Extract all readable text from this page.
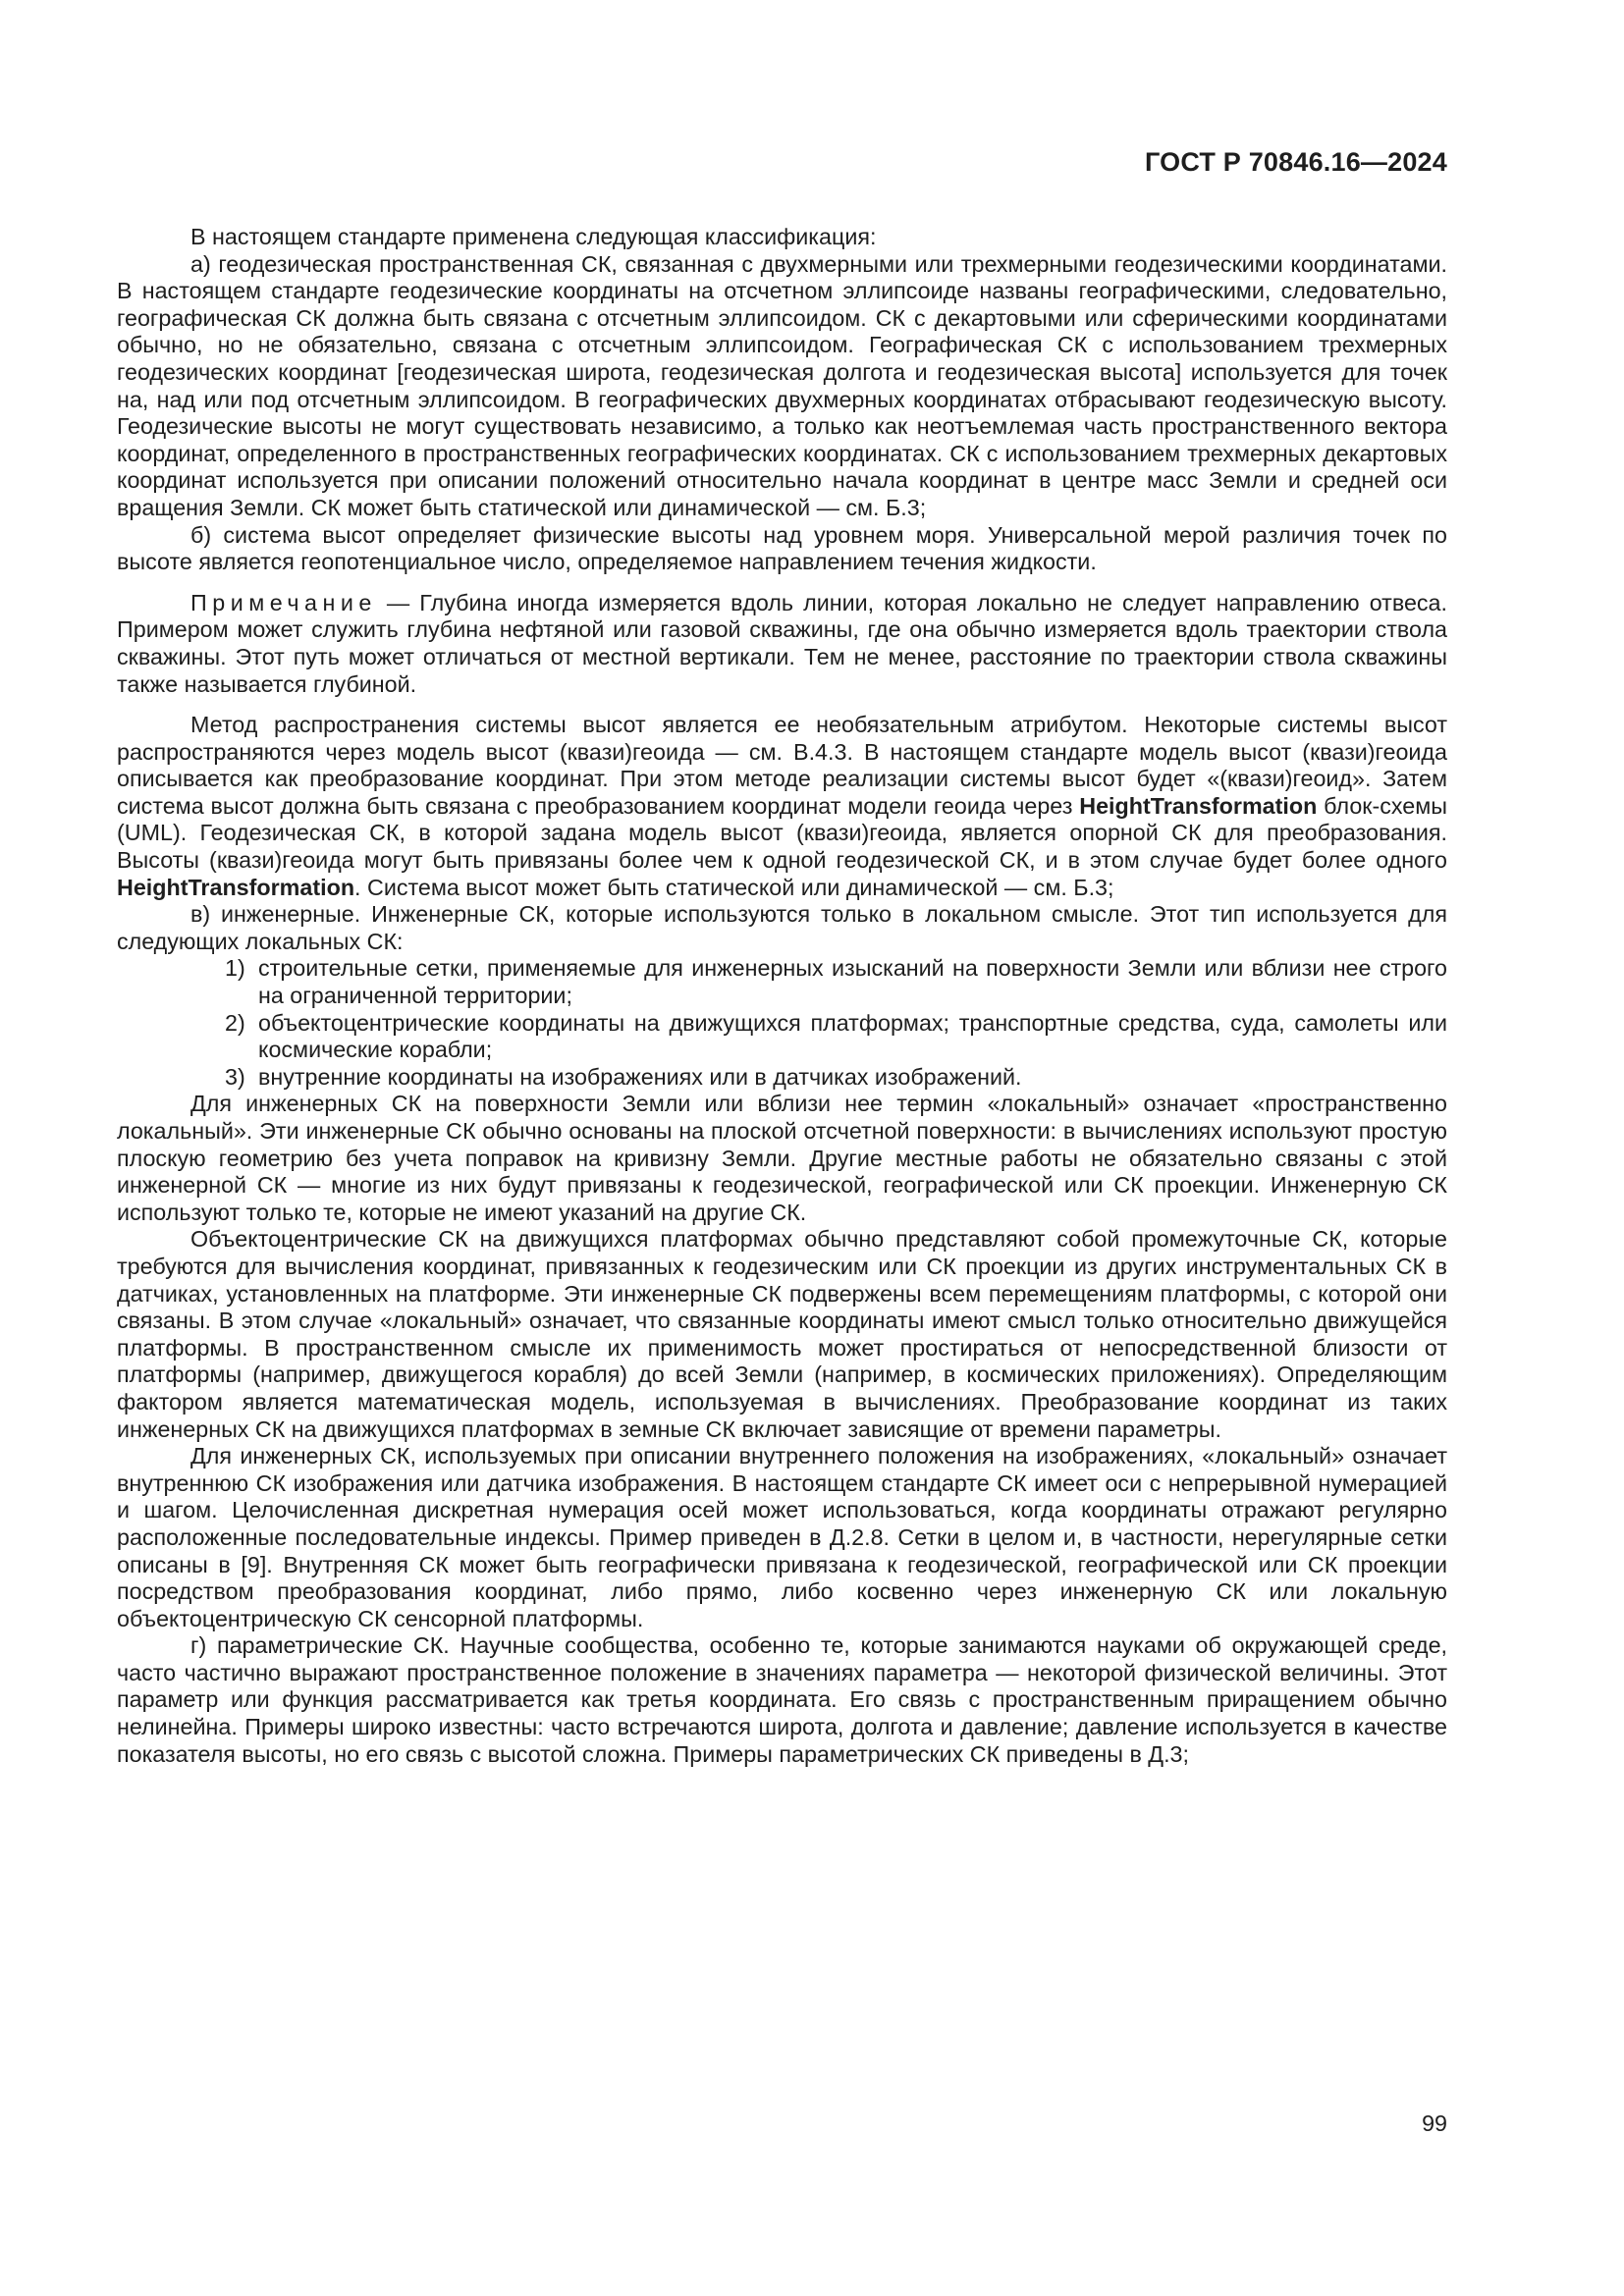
ГОСТ Р 70846.16—2024

В настоящем стандарте применена следующая классификация:

а) геодезическая пространственная СК, связанная с двухмерными или трехмерными геодезическими координатами. В настоящем стандарте геодезические координаты на отсчетном эллипсоиде названы географическими, следовательно, географическая СК должна быть связана с отсчетным эллипсоидом. СК с декартовыми или сферическими координатами обычно, но не обязательно, связана с отсчетным эллипсоидом. Географическая СК с использованием трехмерных геодезических координат [геодезическая широта, геодезическая долгота и геодезическая высота] используется для точек на, над или под отсчетным эллипсоидом. В географических двухмерных координатах отбрасывают геодезическую высоту. Геодезические высоты не могут существовать независимо, а только как неотъемлемая часть пространственного вектора координат, определенного в пространственных географических координатах. СК с использованием трехмерных декартовых координат используется при описании положений относительно начала координат в центре масс Земли и средней оси вращения Земли. СК может быть статической или динамической — см. Б.3;

б) система высот определяет физические высоты над уровнем моря. Универсальной мерой различия точек по высоте является геопотенциальное число, определяемое направлением течения жидкости.

Примечание — Глубина иногда измеряется вдоль линии, которая локально не следует направлению отвеса. Примером может служить глубина нефтяной или газовой скважины, где она обычно измеряется вдоль траектории ствола скважины. Этот путь может отличаться от местной вертикали. Тем не менее, расстояние по траектории ствола скважины также называется глубиной.

Метод распространения системы высот является ее необязательным атрибутом. Некоторые системы высот распространяются через модель высот (квази)геоида — см. В.4.3. В настоящем стандарте модель высот (квази)геоида описывается как преобразование координат. При этом методе реализации системы высот будет «(квази)геоид». Затем система высот должна быть связана с преобразованием координат модели геоида через HeightTransformation блок-схемы (UML). Геодезическая СК, в которой задана модель высот (квази)геоида, является опорной СК для преобразования. Высоты (квази)геоида могут быть привязаны более чем к одной геодезической СК, и в этом случае будет более одного HeightTransformation. Система высот может быть статической или динамической — см. Б.3;

в) инженерные. Инженерные СК, которые используются только в локальном смысле. Этот тип используется для следующих локальных СК:

1) строительные сетки, применяемые для инженерных изысканий на поверхности Земли или вблизи нее строго на ограниченной территории;
2) объектоцентрические координаты на движущихся платформах; транспортные средства, суда, самолеты или космические корабли;
3) внутренние координаты на изображениях или в датчиках изображений.

Для инженерных СК на поверхности Земли или вблизи нее термин «локальный» означает «пространственно локальный». Эти инженерные СК обычно основаны на плоской отсчетной поверхности: в вычислениях используют простую плоскую геометрию без учета поправок на кривизну Земли. Другие местные работы не обязательно связаны с этой инженерной СК — многие из них будут привязаны к геодезической, географической или СК проекции. Инженерную СК используют только те, которые не имеют указаний на другие СК.

Объектоцентрические СК на движущихся платформах обычно представляют собой промежуточные СК, которые требуются для вычисления координат, привязанных к геодезическим или СК проекции из других инструментальных СК в датчиках, установленных на платформе. Эти инженерные СК подвержены всем перемещениям платформы, с которой они связаны. В этом случае «локальный» означает, что связанные координаты имеют смысл только относительно движущейся платформы. В пространственном смысле их применимость может простираться от непосредственной близости от платформы (например, движущегося корабля) до всей Земли (например, в космических приложениях). Определяющим фактором является математическая модель, используемая в вычислениях. Преобразование координат из таких инженерных СК на движущихся платформах в земные СК включает зависящие от времени параметры.

Для инженерных СК, используемых при описании внутреннего положения на изображениях, «локальный» означает внутреннюю СК изображения или датчика изображения. В настоящем стандарте СК имеет оси с непрерывной нумерацией и шагом. Целочисленная дискретная нумерация осей может использоваться, когда координаты отражают регулярно расположенные последовательные индексы. Пример приведен в Д.2.8. Сетки в целом и, в частности, нерегулярные сетки описаны в [9]. Внутренняя СК может быть географически привязана к геодезической, географической или СК проекции посредством преобразования координат, либо прямо, либо косвенно через инженерную СК или локальную объектоцентрическую СК сенсорной платформы.

г) параметрические СК. Научные сообщества, особенно те, которые занимаются науками об окружающей среде, часто частично выражают пространственное положение в значениях параметра — некоторой физической величины. Этот параметр или функция рассматривается как третья координата. Его связь с пространственным приращением обычно нелинейна. Примеры широко известны: часто встречаются широта, долгота и давление; давление используется в качестве показателя высоты, но его связь с высотой сложна. Примеры параметрических СК приведены в Д.3;

99
